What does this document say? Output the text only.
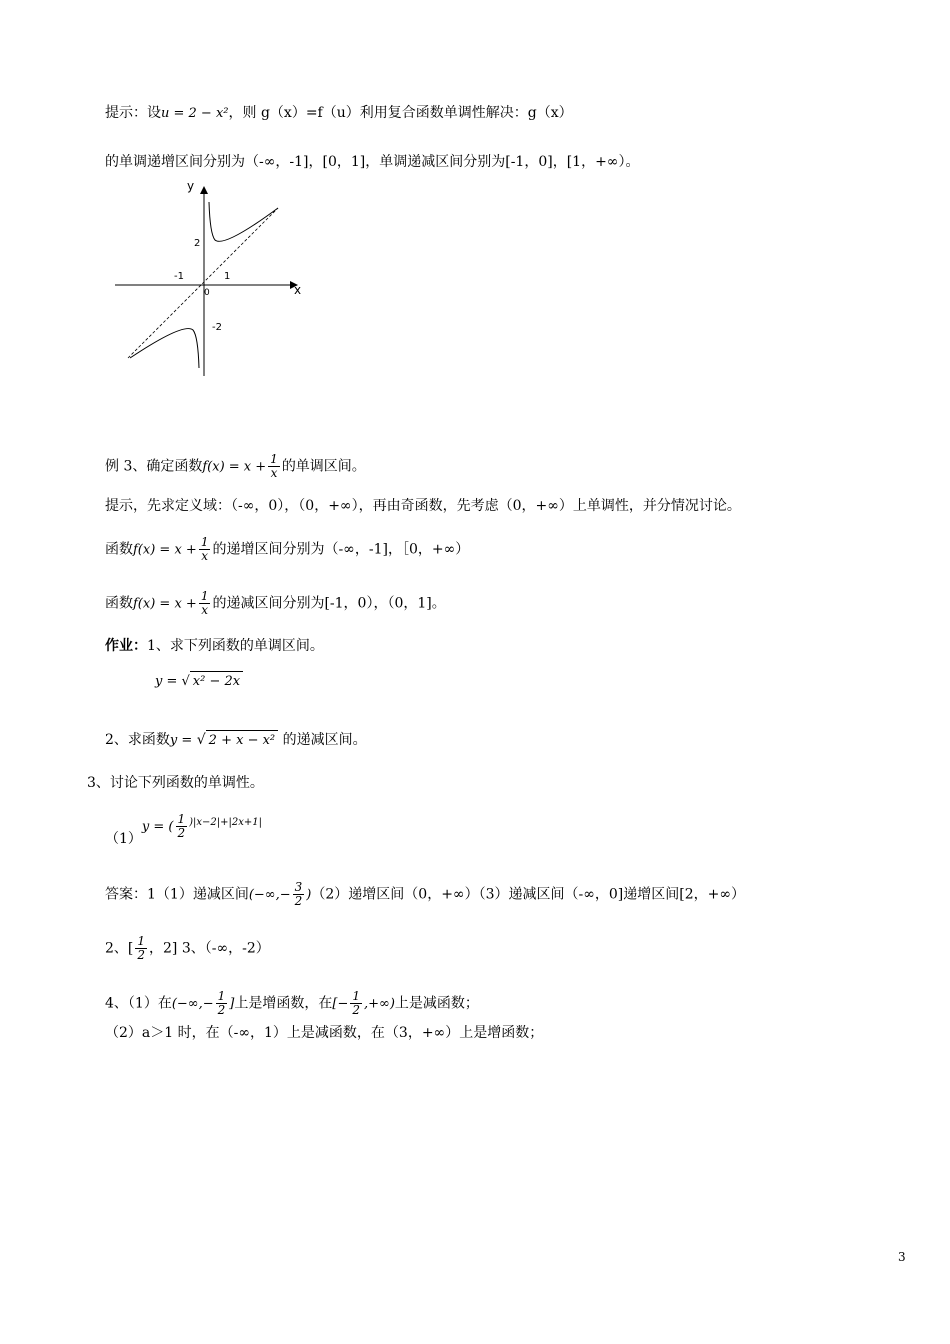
提示：设u = 2 − x²，则 g（x）=f（u）利用复合函数单调性解决：g（x）
的单调递增区间分别为（-∞，-1]，[0，1]，单调递减区间分别为[-1，0]，[1，+∞）。
y
x
2
-1	1
0
-2
例 3、确定函数$f(x) = x + \frac{1}{x}$ 的单调区间。
提示，先求定义域：（-∞，0），（0，+∞），再由奇函数，先考虑（0，+∞）上单调性，并分情况讨论。
函数$f(x) = x + \frac{1}{x}$ 的递增区间分别为（-∞，-1]，［0，+∞）
函数$f(x) = x + \frac{1}{x}$ 的递减区间分别为[-1，0），（0，1]。
作业：1、求下列函数的单调区间。
y = √ x² − 2x
2、求函数y = √ 2 + x − x² 的递减区间。
3、讨论下列函数的单调性。
（1）y = ( $\frac{1}{2} ^{)|x-2|+|2x+1|}$
答案：1（1）递减区间(−∞,− $\frac{3}{2} )(2)$递增区间（0，+∞）（3）递减区间（-∞，0]递增区间[2，+∞）
2、[ $\frac{1}{2}$ ，2] 3、（-∞，-2）
4、（1）在(−∞,− $\frac{1}{2}$ ]上是增函数，在[− $\frac{1}{2}$ ,+∞)上是减函数；
（2）a＞1 时，在（-∞，1）上是减函数，在（3，+∞）上是增函数；
3
